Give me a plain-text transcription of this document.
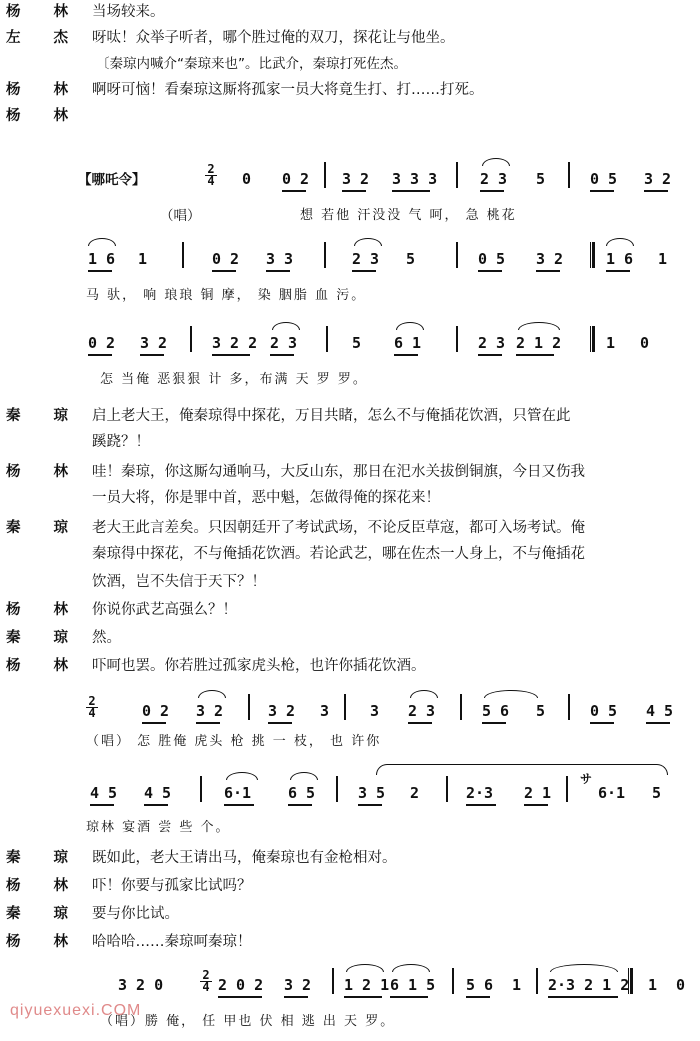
杨 林 当场较来。
左 杰 呀呔！众举子听者，哪个胜过俺的双刀，探花让与他坐。
〔秦琼内喊介“秦琼来也”。比武介，秦琼打死佐杰。
杨 林 啊呀可恼！看秦琼这厮将孤家一员大将竟生打、打……打死。
杨 林
【哪吒令】
2
4 0 0 2 3 2 3 3 3	2 3 5	0 5 3 2
（唱）	想 若他 汗没没 气 呵， 急 桃花
1 6 1	0 2 3 3	2 3 5	0 5 3 2	1 6 1
马 驮， 响 琅琅 铜 摩， 染 胭脂 血 污。
0 2 3 2	3 2 2 2 3	5 6 1	2 3 2 1 2	1 0
怎 当俺 恶狠狠 计 多，布满 天 罗 罗。
秦 琼 启上老大王，俺秦琼得中探花，万目共睹，怎么不与俺插花饮酒，只管在此
蹊跷？！
杨 林 哇！秦琼，你这厮勾通响马，大反山东，那日在汜水关拔倒铜旗，今日又伤我
一员大将，你是罪中首，恶中魁，怎做得俺的探花来！
秦 琼 老大王此言差矣。只因朝廷开了考试武场，不论反臣草寇，都可入场考试。俺
秦琼得中探花，不与俺插花饮酒。若论武艺，哪在佐杰一人身上，不与俺插花
饮酒，岂不失信于天下？！
杨 林 你说你武艺高强么？！
秦 琼 然。
杨 林 吓呵也罢。你若胜过孤家虎头枪，也许你插花饮酒。
2
4	0 2 3 2	3 2 3	3 2 3	5 6 5	0 5 4 5
（唱） 怎 胜俺 虎头 枪 挑 一 枝， 也 许你
4 5 4 5	6·1 6 5	3 5 2	2·3 2 1
サ
6·1 5
琼林 宴酒 尝 些 个。
秦 琼 既如此，老大王请出马，俺秦琼也有金枪相对。
杨 林 吓！你要与孤家比试吗？
秦 琼 要与你比试。
杨 林 哈哈哈……秦琼呵秦琼！
3 2 0
2
4 2 0 2 3 2 1 2 1 6 1 5 5 6 1 2·3 2 1 2 1 0
（唱）勝 俺， 任 甲也 伏 相 逃 出 天 罗。
qiyuexuexi.COM
